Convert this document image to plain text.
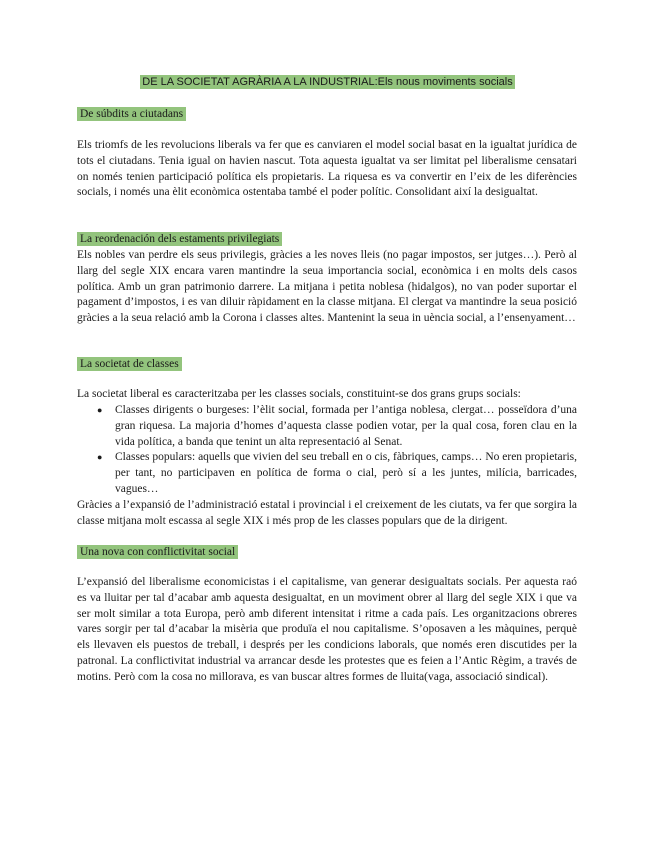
DE LA SOCIETAT AGRÀRIA A LA INDUSTRIAL:Els nous moviments socials
De súbdits a ciutadans

Els triomfs de les revolucions liberals va fer que es canviaren el model social basat en la igualtat jurídica de tots el ciutadans. Tenia igual on havien nascut. Tota aquesta igualtat va ser limitat pel liberalisme censatari on només tenien participació política els propietaris. La riquesa es va convertir en l’eix de les diferències socials, i només una èlit econòmica ostentaba també el poder polític. Consolidant així la desigualtat.

La reordenación dels estaments privilegiats

Els nobles van perdre els seus privilegis, gràcies a les noves lleis (no pagar impostos, ser jutges…). Però al llarg del segle XIX encara varen mantindre la seua importancia social, econòmica i en molts dels casos política. Amb un gran patrimonio darrere. La mitjana i petita noblesa (hidalgos), no van poder suportar el pagament d’impostos, i es van diluir ràpidament en la classe mitjana. El clergat va mantindre la seua posició gràcies a la seua relació amb la Corona i classes altes. Mantenint la seua in uència social, a l’ensenyament…

La societat de classes

La societat liberal es caracteritzaba per les classes socials, constituint-se dos grans grups socials:

● Classes dirigents o burgeses: l’èlit social, formada per l’antiga noblesa, clergat… posseïdora d’una gran riquesa. La majoria d’homes d’aquesta classe podien votar, per la qual cosa, foren clau en la vida política, a banda que tenint un alta representació al Senat.
● Classes populars: aquells que vivien del seu treball en o cis, fàbriques, camps… No eren propietaris, per tant, no participaven en política de forma o cial, però sí a les juntes, milícia, barricades, vagues…

Gràcies a l’expansió de l’administració estatal i provincial i el creixement de les ciutats, va fer que sorgira la classe mitjana molt escassa al segle XIX i més prop de les classes populars que de la dirigent.

Una nova con conflictivitat social

L’expansió del liberalisme economicistas i el capitalisme, van generar desigualtats socials. Per aquesta raó es va lluitar per tal d’acabar amb aquesta desigualtat, en un moviment obrer al llarg del segle XIX i que va ser molt similar a tota Europa, però amb diferent intensitat i ritme a cada país. Les organitzacions obreres vares sorgir per tal d’acabar la misèria que produïa el nou capitalisme. S’oposaven a les màquines, perquè els llevaven els puestos de treball, i després per les condicions laborals, que només eren discutides per la patronal. La conflictivitat industrial va arrancar desde les protestes que es feien a l’Antic Règim, a través de motins. Però com la cosa no millorava, es van buscar altres formes de lluita(vaga, associació sindical).
